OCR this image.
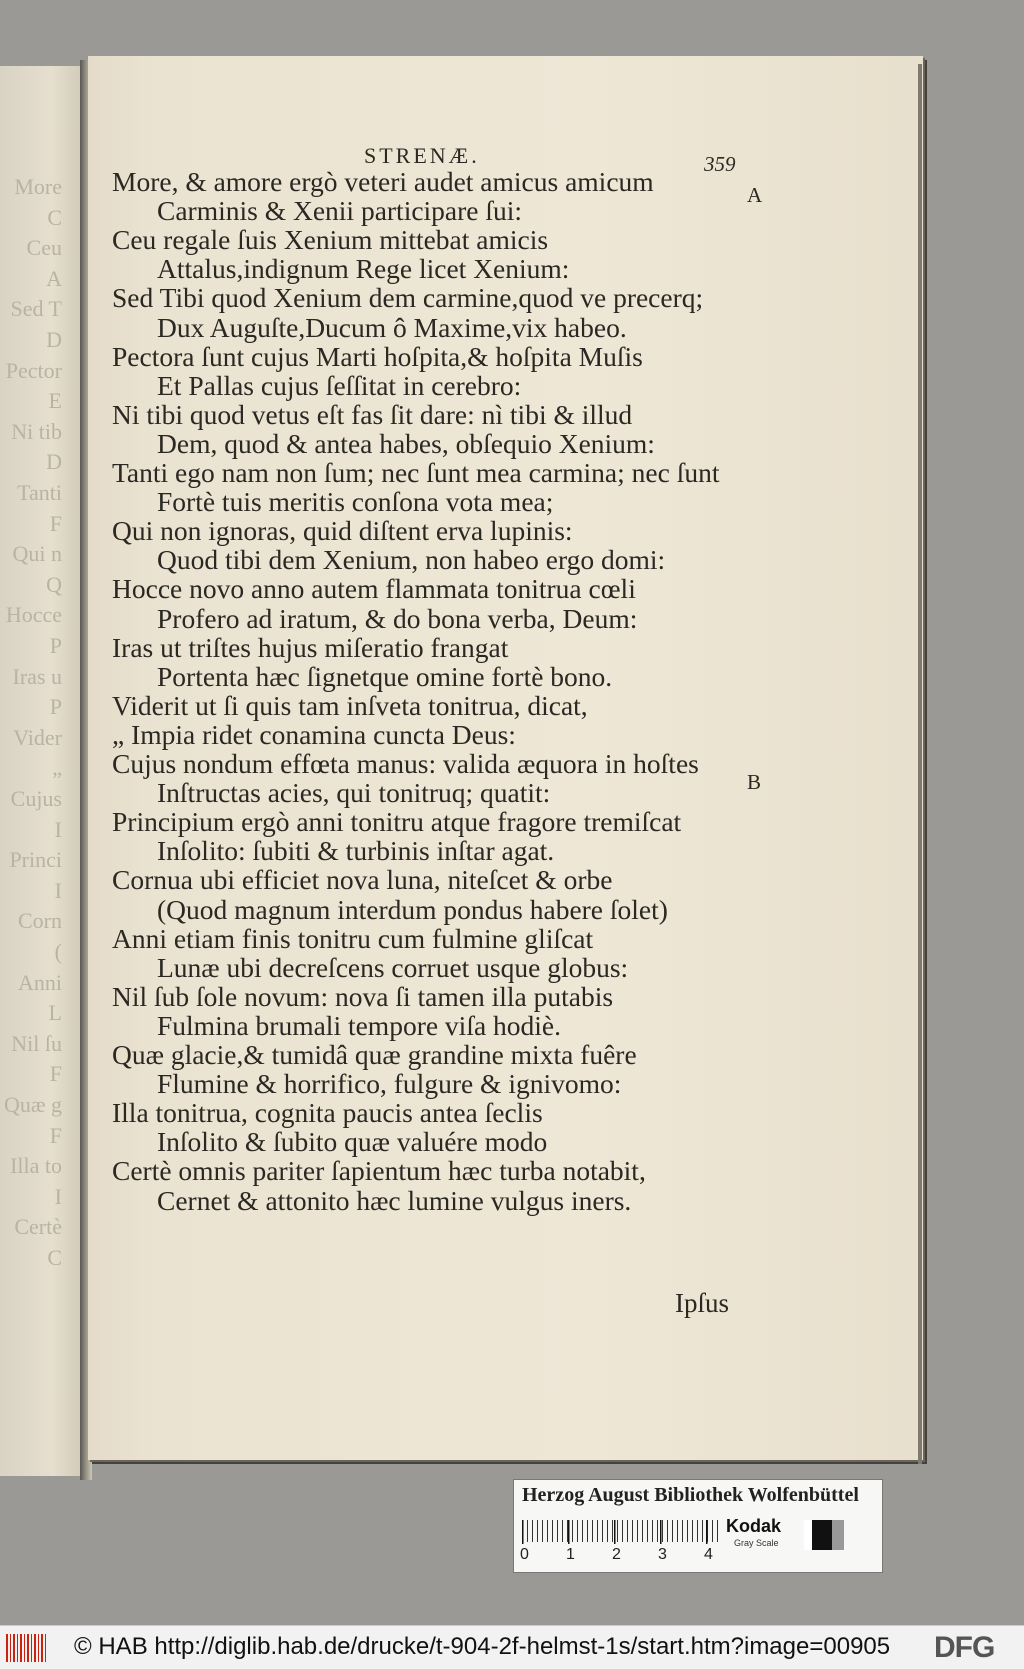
More
C
Ceu
A
Sed T
D
Pector
E
Ni tib
D
Tanti
F
Qui n
Q
Hocce
P
Iras u
P
Vider
„
Cujus
I
Princi
I
Corn
(
Anni
L
Nil ſu
F
Quæ g
F
Illa to
I
Certè
C
STRENÆ.	359
A
B
More, & amore ergò veteri audet amicus amicum
Carminis & Xenii participare ſui:
Ceu regale ſuis Xenium mittebat amicis
Attalus,indignum Rege licet Xenium:
Sed Tibi quod Xenium dem carmine,quod ve precerq;
Dux Auguſte,Ducum ô Maxime,vix habeo.
Pectora ſunt cujus Marti hoſpita,& hoſpita Muſis
Et Pallas cujus ſeſſitat in cerebro:
Ni tibi quod vetus eſt fas ſit dare: nì tibi & illud
Dem, quod & antea habes, obſequio Xenium:
Tanti ego nam non ſum; nec ſunt mea carmina; nec ſunt
Fortè tuis meritis conſona vota mea;
Qui non ignoras, quid diſtent erva lupinis:
Quod tibi dem Xenium, non habeo ergo domi:
Hocce novo anno autem flammata tonitrua cœli
Profero ad iratum, & do bona verba, Deum:
Iras ut triſtes hujus miſeratio frangat
Portenta hæc ſignetque omine fortè bono.
Viderit ut ſi quis tam inſveta tonitrua, dicat,
„ Impia ridet conamina cuncta Deus:
Cujus nondum effœta manus: valida æquora in hoſtes
Inſtructas acies, qui tonitruq; quatit:
Principium ergò anni tonitru atque fragore tremiſcat
Inſolito: ſubiti & turbinis inſtar agat.
Cornua ubi efficiet nova luna, niteſcet & orbe
(Quod magnum interdum pondus habere ſolet)
Anni etiam finis tonitru cum fulmine gliſcat
Lunæ ubi decreſcens corruet usque globus:
Nil ſub ſole novum: nova ſi tamen illa putabis
Fulmina brumali tempore viſa hodiè.
Quæ glacie,& tumidâ quæ grandine mixta fuêre
Flumine & horrifico, fulgure & ignivomo:
Illa tonitrua, cognita paucis antea ſeclis
Inſolito & ſubito quæ valuére modo
Certè omnis pariter ſapientum hæc turba notabit,
Cernet & attonito hæc lumine vulgus iners.
Ipſus
Herzog August Bibliothek Wolfenbüttel
0 1 2 3 4
Kodak
Gray Scale
© HAB http://diglib.hab.de/drucke/t-904-2f-helmst-1s/start.htm?image=00905 DFG
